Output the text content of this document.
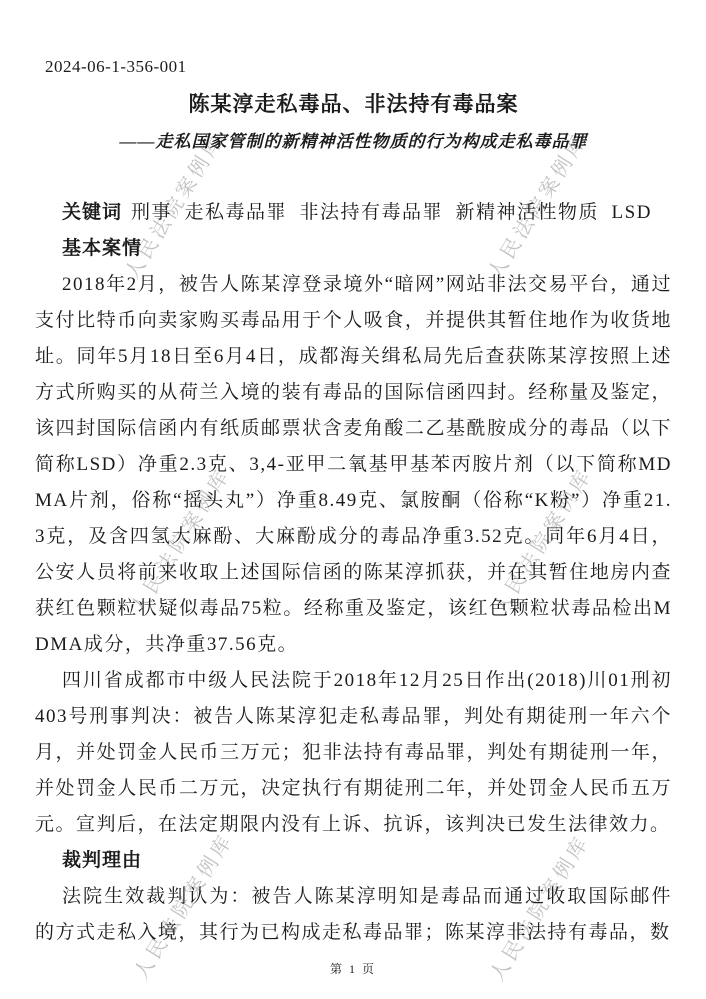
人民法院案例库	人民法院案例库
人民法院案例库	人民法院案例库
人民法院案例库	人民法院案例库
2024-06-1-356-001
陈某淳走私毒品、非法持有毒品案
——走私国家管制的新精神活性物质的行为构成走私毒品罪
关键词 刑事  走私毒品罪  非法持有毒品罪  新精神活性物质  LSD
基本案情

2018年2月，被告人陈某淳登录境外“暗网”网站非法交易平台，通过支付比特币向卖家购买毒品用于个人吸食，并提供其暂住地作为收货地址。同年5月18日至6月4日，成都海关缉私局先后查获陈某淳按照上述方式所购买的从荷兰入境的装有毒品的国际信函四封。经称量及鉴定，该四封国际信函内有纸质邮票状含麦角酸二乙基酰胺成分的毒品（以下简称LSD）净重2.3克、3,4-亚甲二氧基甲基苯丙胺片剂（以下简称MDMA片剂，俗称“摇头丸”）净重8.49克、氯胺酮（俗称“K粉”）净重21.3克，及含四氢大麻酚、大麻酚成分的毒品净重3.52克。同年6月4日，公安人员将前来收取上述国际信函的陈某淳抓获，并在其暂住地房内查获红色颗粒状疑似毒品75粒。经称重及鉴定，该红色颗粒状毒品检出MDMA成分，共净重37.56克。

四川省成都市中级人民法院于2018年12月25日作出(2018)川01刑初403号刑事判决：被告人陈某淳犯走私毒品罪，判处有期徒刑一年六个月，并处罚金人民币三万元；犯非法持有毒品罪，判处有期徒刑一年，并处罚金人民币二万元，决定执行有期徒刑二年，并处罚金人民币五万元。宣判后，在法定期限内没有上诉、抗诉，该判决已发生法律效力。

裁判理由

法院生效裁判认为：被告人陈某淳明知是毒品而通过收取国际邮件的方式走私入境，其行为已构成走私毒品罪；陈某淳非法持有毒品，数

第 1 页
